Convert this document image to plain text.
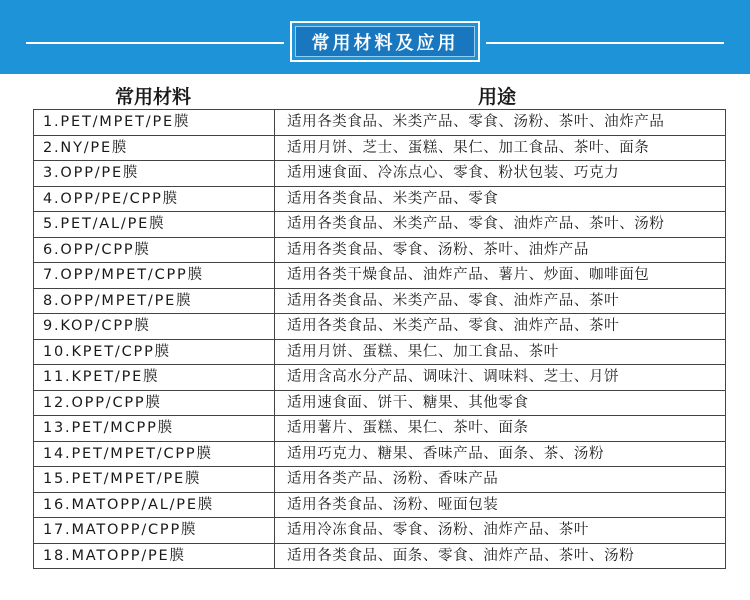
常用材料及应用
常用材料	用途
1.PET/MPET/PE膜	适用各类食品、米类产品、零食、汤粉、茶叶、油炸产品
2.NY/PE膜	适用月饼、芝士、蛋糕、果仁、加工食品、茶叶、面条
3.OPP/PE膜	适用速食面、冷冻点心、零食、粉状包装、巧克力
4.OPP/PE/CPP膜	适用各类食品、米类产品、零食
5.PET/AL/PE膜	适用各类食品、米类产品、零食、油炸产品、茶叶、汤粉
6.OPP/CPP膜	适用各类食品、零食、汤粉、茶叶、油炸产品
7.OPP/MPET/CPP膜	适用各类干燥食品、油炸产品、薯片、炒面、咖啡面包
8.OPP/MPET/PE膜	适用各类食品、米类产品、零食、油炸产品、茶叶
9.KOP/CPP膜	适用各类食品、米类产品、零食、油炸产品、茶叶
10.KPET/CPP膜	适用月饼、蛋糕、果仁、加工食品、茶叶
11.KPET/PE膜	适用含高水分产品、调味汁、调味料、芝士、月饼
12.OPP/CPP膜	适用速食面、饼干、糖果、其他零食
13.PET/MCPP膜	适用薯片、蛋糕、果仁、茶叶、面条
14.PET/MPET/CPP膜	适用巧克力、糖果、香味产品、面条、茶、汤粉
15.PET/MPET/PE膜	适用各类产品、汤粉、香味产品
16.MATOPP/AL/PE膜	适用各类食品、汤粉、哑面包装
17.MATOPP/CPP膜	适用冷冻食品、零食、汤粉、油炸产品、茶叶
18.MATOPP/PE膜	适用各类食品、面条、零食、油炸产品、茶叶、汤粉
